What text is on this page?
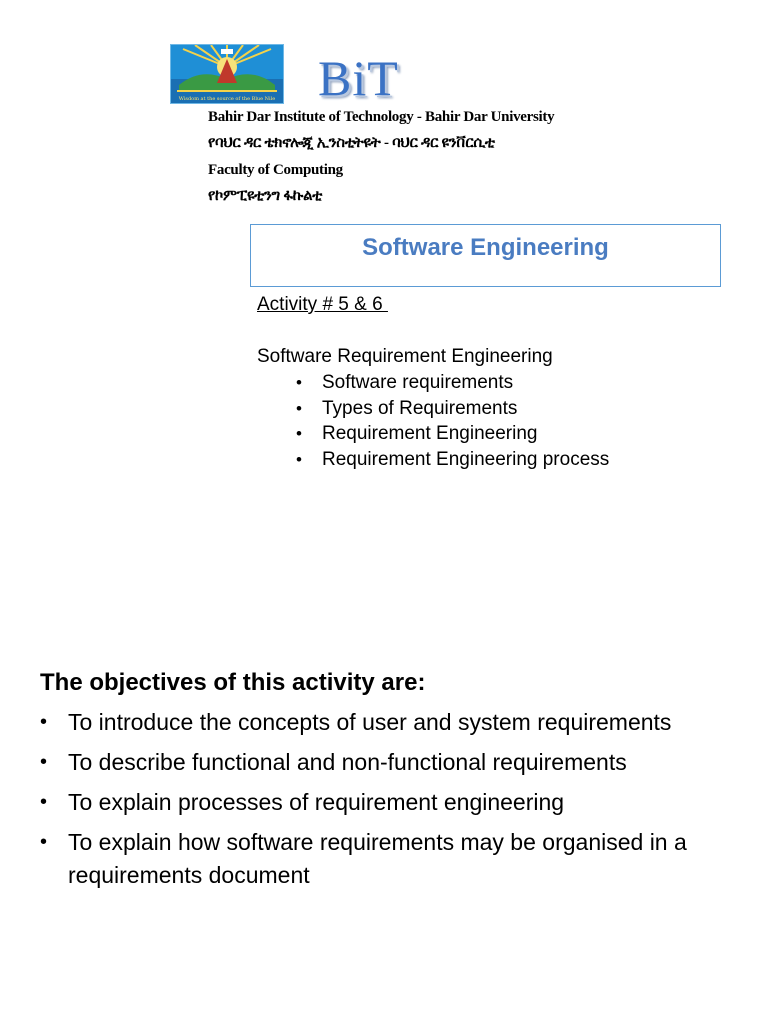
Wisdom at the source of the Blue Nile BiT
Bahir Dar Institute of Technology - Bahir Dar University
የባህር ዳር ቴክኖሎጂ ኢንስቲትዩት - ባህር ዳር ዩንቨርሲቲ
Faculty of Computing
የኮምፒዩቲንግ ፋኩልቲ
Software Engineering
Activity # 5 & 6
Software Requirement Engineering
• Software requirements
• Types of Requirements
• Requirement Engineering
• Requirement Engineering process
The objectives of this activity are:
• To introduce the concepts of user and system requirements
• To describe functional and non-functional requirements
• To explain processes of requirement engineering
• To explain how software requirements may be organised in a requirements document
